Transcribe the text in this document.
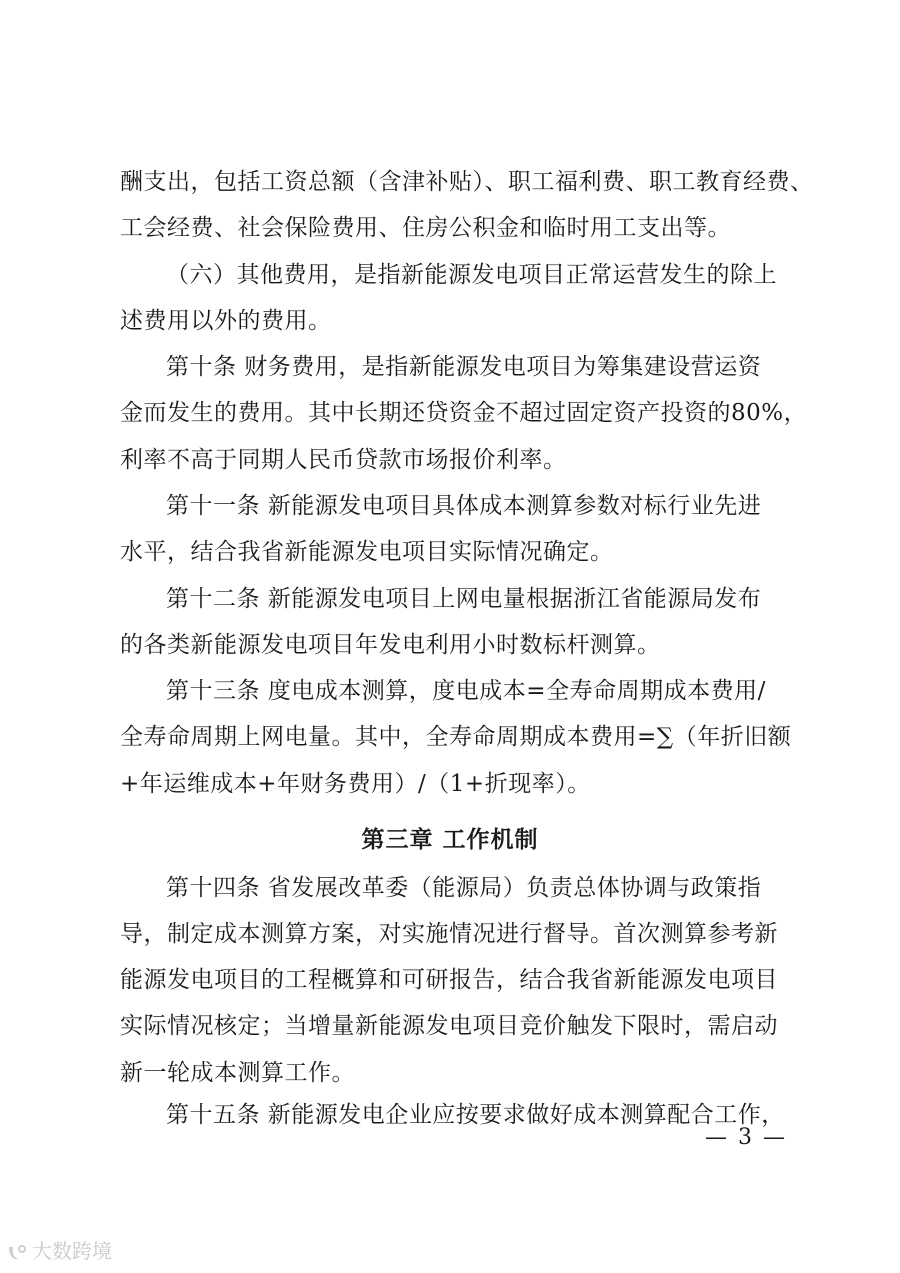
酬支出，包括工资总额（含津补贴）、职工福利费、职工教育经费、
工会经费、社会保险费用、住房公积金和临时用工支出等。
（六）其他费用，是指新能源发电项目正常运营发生的除上
述费用以外的费用。
第十条 财务费用，是指新能源发电项目为筹集建设营运资
金而发生的费用。其中长期还贷资金不超过固定资产投资的80%，
利率不高于同期人民币贷款市场报价利率。
第十一条 新能源发电项目具体成本测算参数对标行业先进
水平，结合我省新能源发电项目实际情况确定。
第十二条 新能源发电项目上网电量根据浙江省能源局发布
的各类新能源发电项目年发电利用小时数标杆测算。
第十三条 度电成本测算，度电成本=全寿命周期成本费用/
全寿命周期上网电量。其中，全寿命周期成本费用=∑（年折旧额
+年运维成本+年财务费用）/（1+折现率）。
第三章 工作机制
第十四条 省发展改革委（能源局）负责总体协调与政策指
导，制定成本测算方案，对实施情况进行督导。首次测算参考新
能源发电项目的工程概算和可研报告，结合我省新能源发电项目
实际情况核定；当增量新能源发电项目竞价触发下限时，需启动
新一轮成本测算工作。
第十五条 新能源发电企业应按要求做好成本测算配合工作，
— 3 —
大数跨境
